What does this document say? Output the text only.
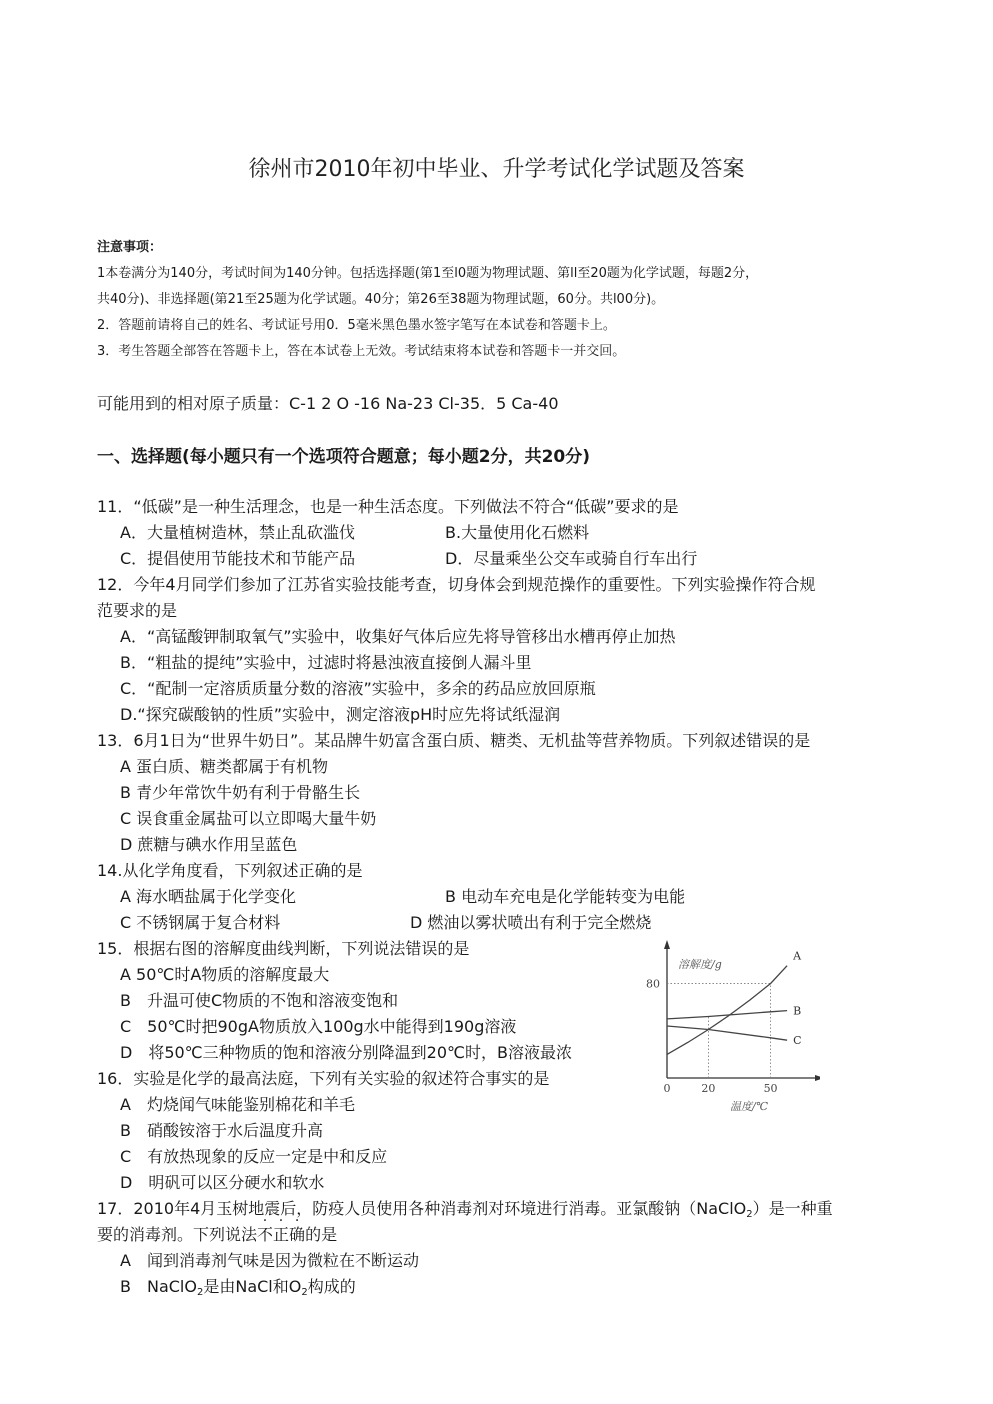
徐州市2010年初中毕业、升学考试化学试题及答案
注意事项：
1本卷满分为140分，考试时间为140分钟。包括选择题(第1至l0题为物理试题、第ll至20题为化学试题，每题2分，
共40分)、非选择题(第21至25题为化学试题。40分；第26至38题为物理试题，60分。共l00分)。
2．答题前请将自己的姓名、考试证号用0．5毫米黑色墨水签字笔写在本试卷和答题卡上。
3．考生答题全部答在答题卡上，答在本试卷上无效。考试结束将本试卷和答题卡一并交回。
可能用到的相对原子质量：C-1 2 O -16 Na-23 Cl-35．5 Ca-40
一、选择题(每小题只有一个选项符合题意；每小题2分，共20分)
11．“低碳”是一种生活理念，也是一种生活态度。下列做法不符合“低碳”要求的是
A．大量植树造林，禁止乱砍滥伐	B.大量使用化石燃料
C．提倡使用节能技术和节能产品	D．尽量乘坐公交车或骑自行车出行
12．今年4月同学们参加了江苏省实验技能考查，切身体会到规范操作的重要性。下列实验操作符合规
范要求的是
A．“高锰酸钾制取氧气”实验中，收集好气体后应先将导管移出水槽再停止加热
B．“粗盐的提纯”实验中，过滤时将悬浊液直接倒人漏斗里
C．“配制一定溶质质量分数的溶液”实验中，多余的药品应放回原瓶
D.“探究碳酸钠的性质”实验中，测定溶液pH时应先将试纸湿润
13．6月1日为“世界牛奶日”。某品牌牛奶富含蛋白质、糖类、无机盐等营养物质。下列叙述错误的是
A 蛋白质、糖类都属于有机物
B 青少年常饮牛奶有利于骨骼生长
C 误食重金属盐可以立即喝大量牛奶
D 蔗糖与碘水作用呈蓝色
14.从化学角度看，下列叙述正确的是
A 海水晒盐属于化学变化	B 电动车充电是化学能转变为电能
C 不锈钢属于复合材料	D 燃油以雾状喷出有利于完全燃烧
15．根据右图的溶解度曲线判断，下列说法错误的是
A 50℃时A物质的溶解度最大
B　升温可使C物质的不饱和溶液变饱和
C　50℃时把90gA物质放入100g水中能得到190g溶液
D　将50℃三种物质的饱和溶液分别降温到20℃时，B溶液最浓
溶解度/g
温度/℃
80
0	20	50
A
B
C
16．实验是化学的最高法庭，下列有关实验的叙述符合事实的是
A　灼烧闻气味能鉴别棉花和羊毛
B　硝酸铵溶于水后温度升高
C　有放热现象的反应一定是中和反应
D　明矾可以区分硬水和软水
17．2010年4月玉树地震后，防疫人员使用各种消毒剂对环境进行消毒。亚氯酸钠（NaClO$_2$）是一种重
要的消毒剂。下列说法不正确的是
A　闻到消毒剂气味是因为微粒在不断运动
B　NaClO$_2$是由NaCl和$O_2$构成的
